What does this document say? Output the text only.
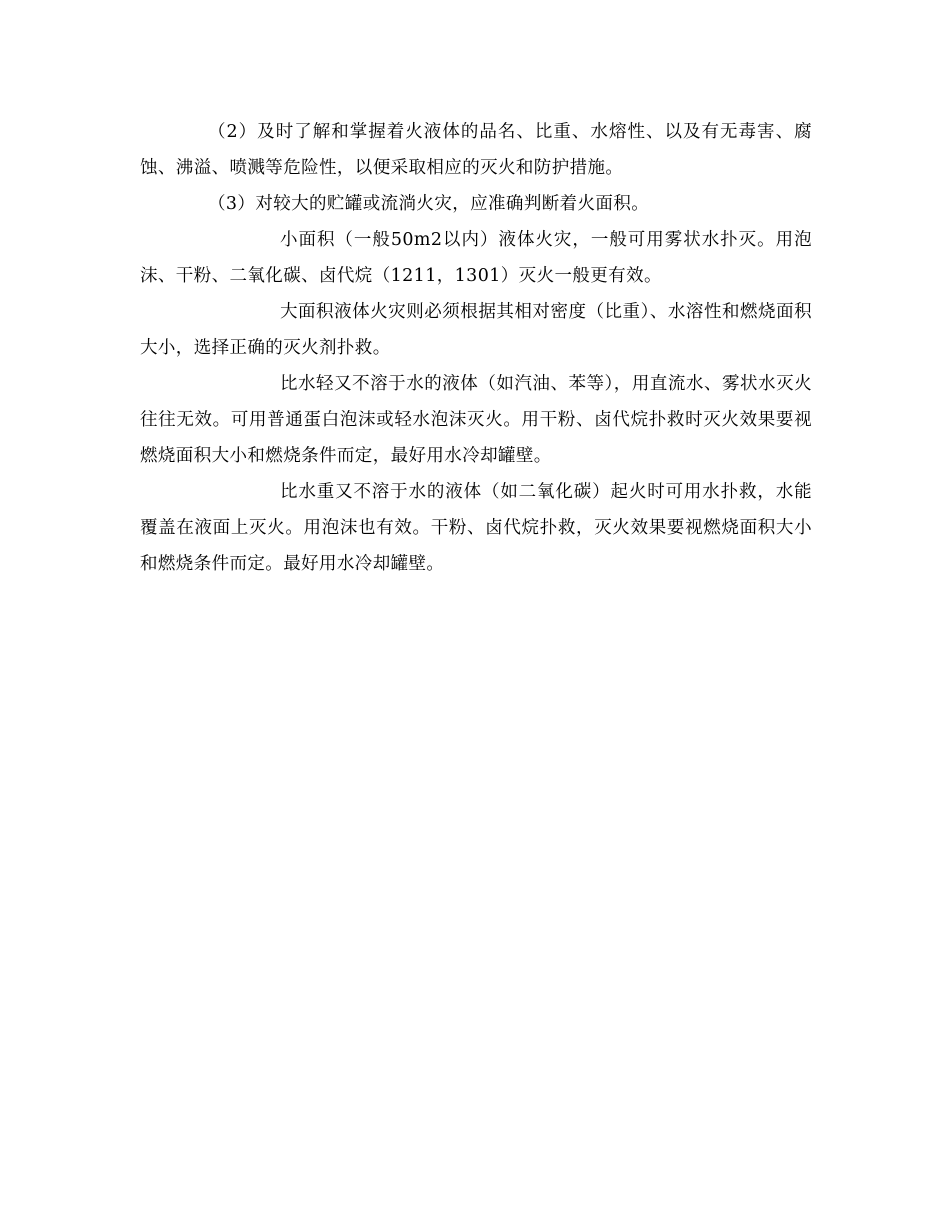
（2）及时了解和掌握着火液体的品名、比重、水熔性、以及有无毒害、腐蚀、沸溢、喷溅等危险性，以便采取相应的灭火和防护措施。

（3）对较大的贮罐或流淌火灾，应准确判断着火面积。

小面积（一般50m2以内）液体火灾，一般可用雾状水扑灭。用泡沫、干粉、二氧化碳、卤代烷（1211，1301）灭火一般更有效。

大面积液体火灾则必须根据其相对密度（比重）、水溶性和燃烧面积大小，选择正确的灭火剂扑救。

比水轻又不溶于水的液体（如汽油、苯等），用直流水、雾状水灭火往往无效。可用普通蛋白泡沫或轻水泡沫灭火。用干粉、卤代烷扑救时灭火效果要视燃烧面积大小和燃烧条件而定，最好用水冷却罐壁。

比水重又不溶于水的液体（如二氧化碳）起火时可用水扑救，水能覆盖在液面上灭火。用泡沫也有效。干粉、卤代烷扑救，灭火效果要视燃烧面积大小和燃烧条件而定。最好用水冷却罐壁。
